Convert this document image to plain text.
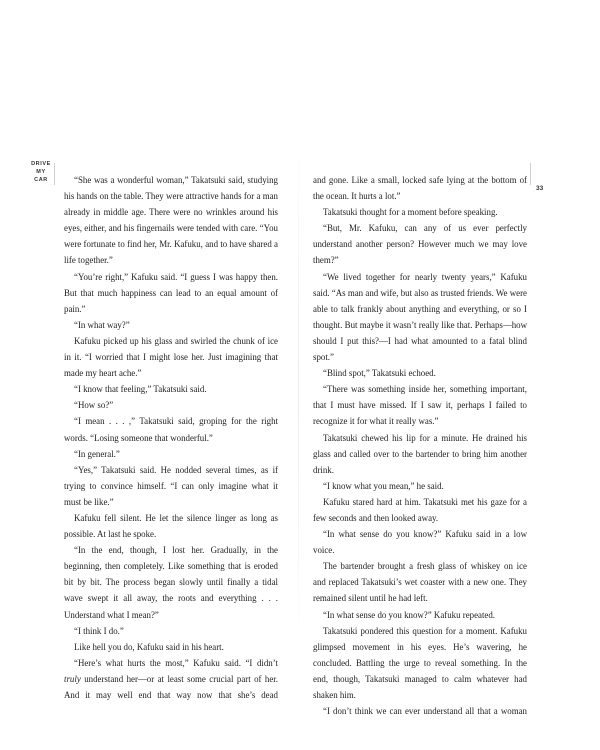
DRIVE
MY
CAR
33

“She was a wonderful woman,” Takatsuki said, studying his hands on the table. They were attractive hands for a man already in middle age. There were no wrinkles around his eyes, either, and his fingernails were tended with care. “You were fortunate to find her, Mr. Kafuku, and to have shared a life together.”

“You’re right,” Kafuku said. “I guess I was happy then. But that much happiness can lead to an equal amount of pain.”

“In what way?”

Kafuku picked up his glass and swirled the chunk of ice in it. “I worried that I might lose her. Just imagining that made my heart ache.”

“I know that feeling,” Takatsuki said.

“How so?”

“I mean . . . ,” Takatsuki said, groping for the right words. “Losing someone that wonderful.”

“In general.”

“Yes,” Takatsuki said. He nodded several times, as if trying to convince himself. “I can only imagine what it must be like.”

Kafuku fell silent. He let the silence linger as long as possible. At last he spoke.

“In the end, though, I lost her. Gradually, in the beginning, then completely. Like something that is eroded bit by bit. The process began slowly until finally a tidal wave swept it all away, the roots and everything . . . Understand what I mean?”

“I think I do.”

Like hell you do, Kafuku said in his heart.

“Here’s what hurts the most,” Kafuku said. “I didn’t truly understand her—or at least some crucial part of her. And it may well end that way now that she’s dead

and gone. Like a small, locked safe lying at the bottom of the ocean. It hurts a lot.”

Takatsuki thought for a moment before speaking.

“But, Mr. Kafuku, can any of us ever perfectly understand another person? However much we may love them?”

“We lived together for nearly twenty years,” Kafuku said. “As man and wife, but also as trusted friends. We were able to talk frankly about anything and everything, or so I thought. But maybe it wasn’t really like that. Perhaps—how should I put this?—I had what amounted to a fatal blind spot.”

“Blind spot,” Takatsuki echoed.

“There was something inside her, something important, that I must have missed. If I saw it, perhaps I failed to recognize it for what it really was.”

Takatsuki chewed his lip for a minute. He drained his glass and called over to the bartender to bring him another drink.

“I know what you mean,” he said.

Kafuku stared hard at him. Takatsuki met his gaze for a few seconds and then looked away.

“In what sense do you know?” Kafuku said in a low voice.

The bartender brought a fresh glass of whiskey on ice and replaced Takatsuki’s wet coaster with a new one. They remained silent until he had left.

“In what sense do you know?” Kafuku repeated.

Takatsuki pondered this question for a moment. Kafuku glimpsed movement in his eyes. He’s wavering, he concluded. Battling the urge to reveal something. In the end, though, Takatsuki managed to calm whatever had shaken him.

“I don’t think we can ever understand all that a woman
